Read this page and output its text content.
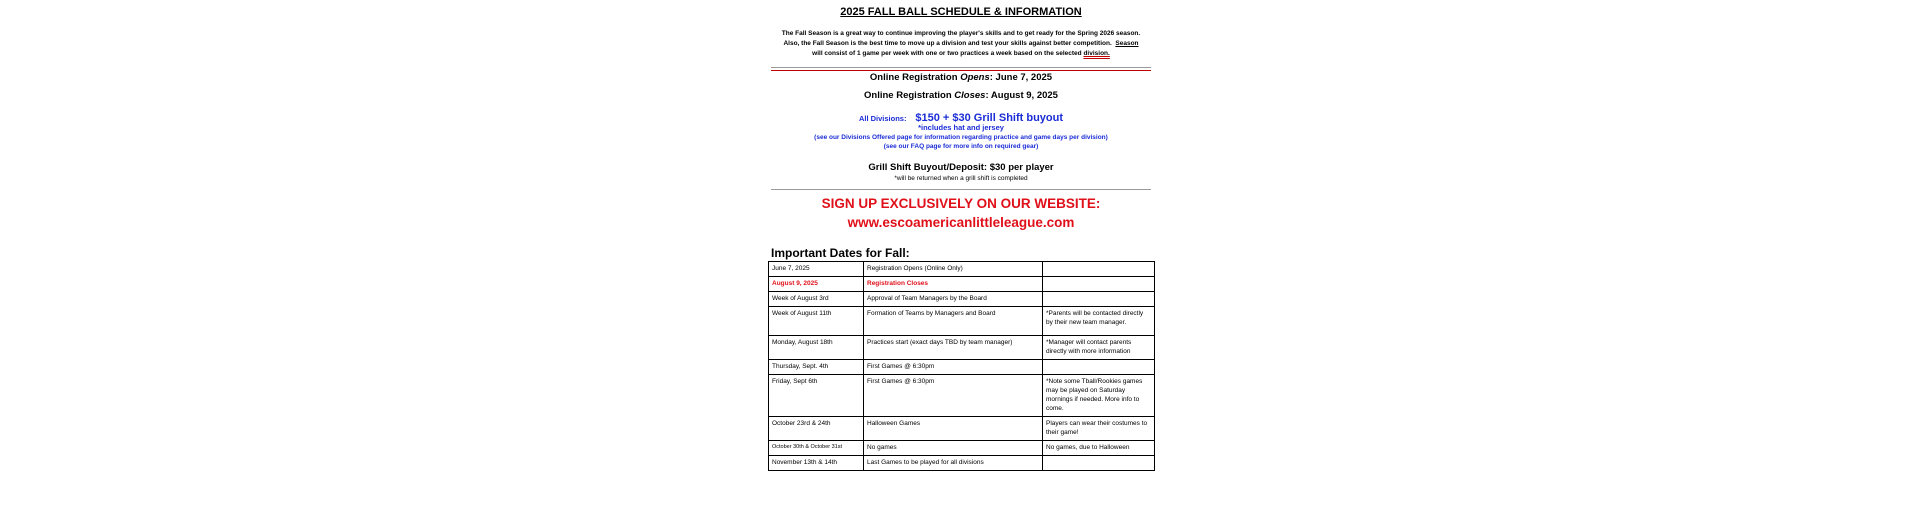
2025 FALL BALL SCHEDULE & INFORMATION
The Fall Season is a great way to continue improving the player's skills and to get ready for the Spring 2026 season.
Also, the Fall Season is the best time to move up a division and test your skills against better competition. Season
will consist of 1 game per week with one or two practices a week based on the selected division.
Online Registration Opens: June 7, 2025
Online Registration Closes: August 9, 2025
All Divisions: $150 + $30 Grill Shift buyout
*includes hat and jersey
(see our Divisions Offered page for information regarding practice and game days per division)
(see our FAQ page for more info on required gear)
Grill Shift Buyout/Deposit: $30 per player
*will be returned when a grill shift is completed
SIGN UP EXCLUSIVELY ON OUR WEBSITE:
www.escoamericanlittleleague.com
Important Dates for Fall:
June 7, 2025	Registration Opens (Online Only)	
August 9, 2025	Registration Closes	
Week of August 3rd	Approval of Team Managers by the Board	
Week of August 11th	Formation of Teams by Managers and Board	*Parents will be contacted directly by their new team manager.
Monday, August 18th	Practices start (exact days TBD by team manager)	*Manager will contact parents directly with more information
Thursday, Sept. 4th	First Games @ 6:30pm	
Friday, Sept 6th	First Games @ 6:30pm	*Note some Tball/Rookies games may be played on Saturday mornings if needed. More info to come.
October 23rd & 24th	Halloween Games	Players can wear their costumes to their game!
October 30th & October 31st	No games	No games, due to Halloween
November 13th & 14th	Last Games to be played for all divisions	
